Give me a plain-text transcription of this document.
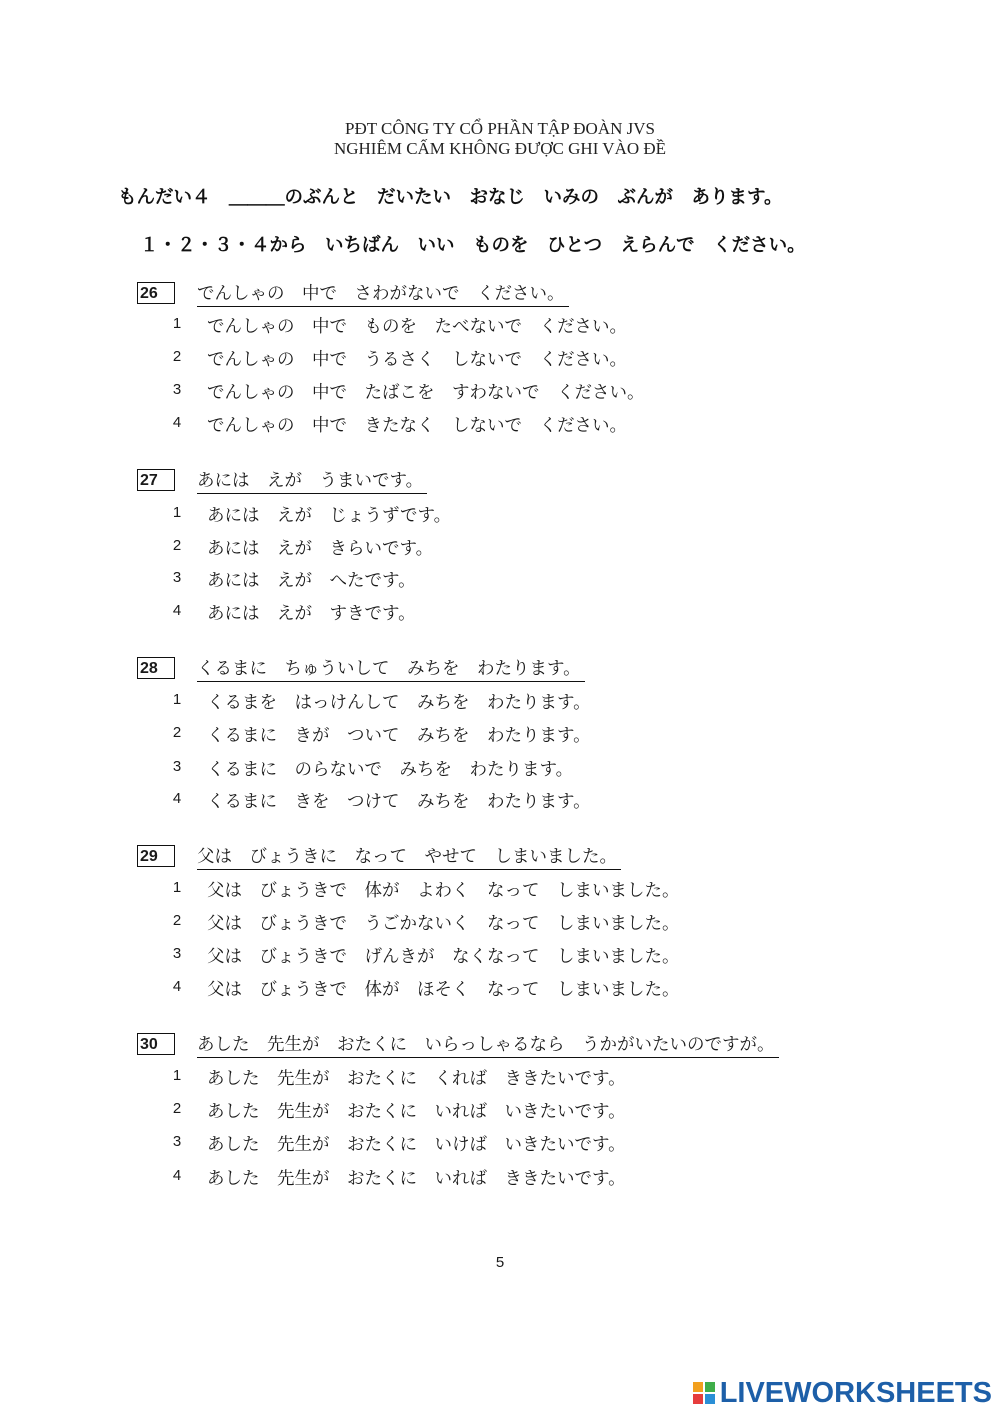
PĐT CÔNG TY CỔ PHẦN TẬP ĐOÀN JVS
NGHIÊM CẤM KHÔNG ĐƯỢC GHI VÀO ĐỀ
もんだい４　＿＿＿のぶんと　だいたい　おなじ　いみの　ぶんが　あります。
１・２・３・４から　いちばん　いい　ものを　ひとつ　えらんで　ください。
26	でんしゃの　中で　さわがないで　ください。
1 でんしゃの　中で　ものを　たべないで　ください。
2 でんしゃの　中で　うるさく　しないで　ください。
3 でんしゃの　中で　たばこを　すわないで　ください。
4 でんしゃの　中で　きたなく　しないで　ください。
27	あには　えが　うまいです。
1 あには　えが　じょうずです。
2 あには　えが　きらいです。
3 あには　えが　へたです。
4 あには　えが　すきです。
28	くるまに　ちゅういして　みちを　わたります。
1 くるまを　はっけんして　みちを　わたります。
2 くるまに　きが　ついて　みちを　わたります。
3 くるまに　のらないで　みちを　わたります。
4 くるまに　きを　つけて　みちを　わたります。
29	父は　びょうきに　なって　やせて　しまいました。
1 父は　びょうきで　体が　よわく　なって　しまいました。
2 父は　びょうきで　うごかないく　なって　しまいました。
3 父は　びょうきで　げんきが　なくなって　しまいました。
4 父は　びょうきで　体が　ほそく　なって　しまいました。
30	あした　先生が　おたくに　いらっしゃるなら　うかがいたいのですが。
1 あした　先生が　おたくに　くれば　ききたいです。
2 あした　先生が　おたくに　いれば　いきたいです。
3 あした　先生が　おたくに　いけば　いきたいです。
4 あした　先生が　おたくに　いれば　ききたいです。
5
LIVEWORKSHEETS
